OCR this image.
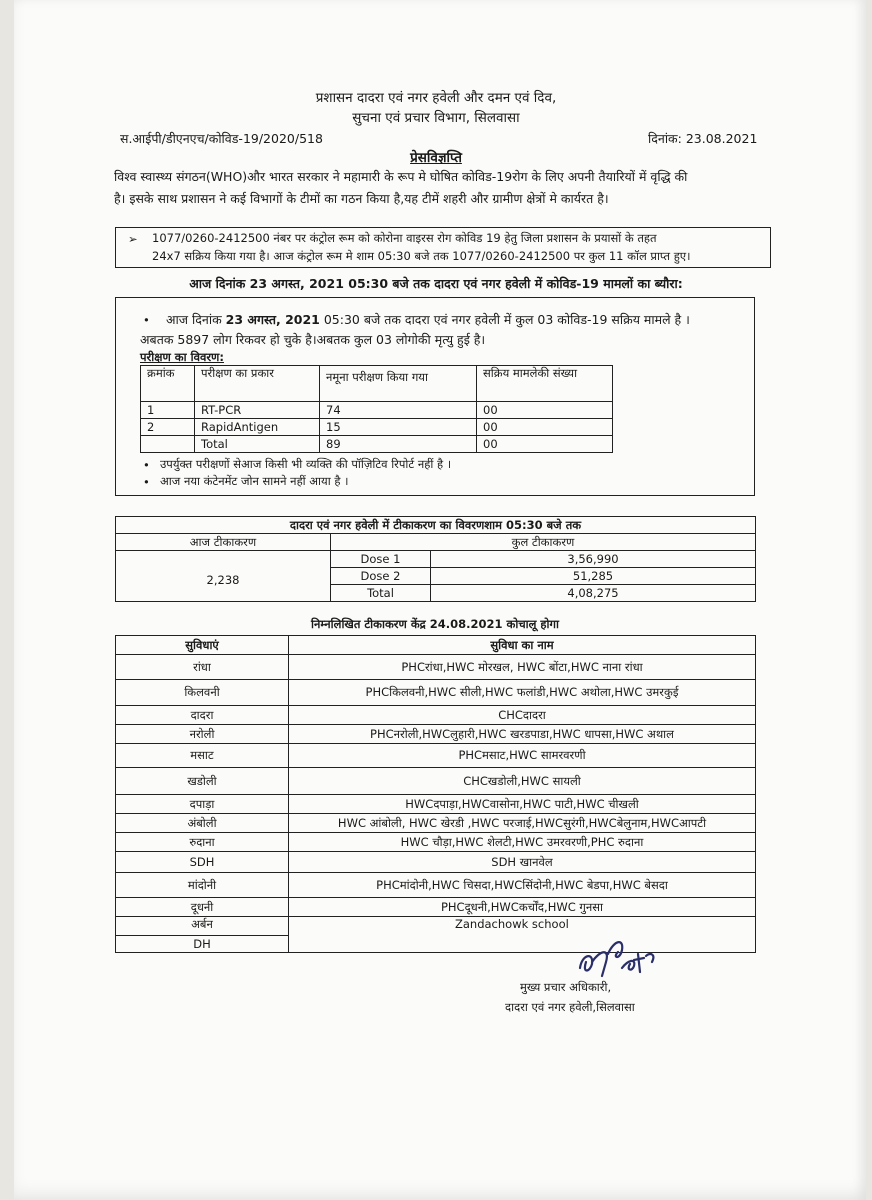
प्रशासन दादरा एवं नगर हवेली और दमन एवं दिव,
सुचना एवं प्रचार विभाग, सिलवासा
स.आईपी/डीएनएच/कोविड-19/2020/518	दिनांक: 23.08.2021
प्रेसविज्ञप्ति
विश्व स्वास्थ्य संगठन(WHO)और भारत सरकार ने महामारी के रूप मे घोषित कोविड-19रोग के लिए अपनी तैयारियों में वृद्धि की
है। इसके साथ प्रशासन ने कई विभागों के टीमों का गठन किया है,यह टीमें शहरी और ग्रामीण क्षेत्रों मे कार्यरत है।
➢ 1077/0260-2412500 नंबर पर कंट्रोल रूम को कोरोना वाइरस रोग कोविड 19 हेतु जिला प्रशासन के प्रयासों के तहत
24x7 सक्रिय किया गया है। आज कंट्रोल रूम मे शाम 05:30 बजे तक 1077/0260-2412500 पर कुल 11 कॉल प्राप्त हुए।
आज दिनांक 23 अगस्त, 2021 05:30 बजे तक दादरा एवं नगर हवेली में कोविड-19 मामलों का ब्यौरा:
• आज दिनांक 23 अगस्त, 2021 05:30 बजे तक दादरा एवं नगर हवेली में कुल 03 कोविड-19 सक्रिय मामले है ।
अबतक 5897 लोग रिकवर हो चुके है।अबतक कुल 03 लोगोकी मृत्यु हुई है।
परीक्षण का विवरण:
क्रमांक	परीक्षण का प्रकार	नमूना परीक्षण किया गया	सक्रिय मामलेकी संख्या
1	RT-PCR	74	00
2	RapidAntigen	15	00
	Total	89	00
• उपर्युक्त परीक्षणों सेआज किसी भी व्यक्ति की पॉज़िटिव रिपोर्ट नहीं है ।
• आज नया कंटेनमेंट जोन सामने नहीं आया है ।
दादरा एवं नगर हवेली में टीकाकरण का विवरणशाम 05:30 बजे तक		
आज टीकाकरण	कुल टीकाकरण	
2,238	Dose 1	3,56,990
	Dose 2	51,285
	Total	4,08,275
निम्नलिखित टीकाकरण केंद्र 24.08.2021 कोचालू होगा
सुविधाएं	सुविधा का नाम
रांधा	PHCरांधा,HWC मोरखल, HWC बोंटा,HWC नाना रांधा
किलवनी	PHCकिलवनी,HWC सीली,HWC फलांडी,HWC अथोला,HWC उमरकुई
दादरा	CHCदादरा
नरोली	PHCनरोली,HWCलुहारी,HWC खरडपाडा,HWC धापसा,HWC अथाल
मसाट	PHCमसाट,HWC सामरवरणी
खडोली	CHCखडोली,HWC सायली
दपाड़ा	HWCदपाड़ा,HWCवासोना,HWC पाटी,HWC चीखली
अंबोली	HWC आंबोली, HWC खेरडी ,HWC परजाई,HWCसुरंगी,HWCबेलुनाम,HWCआपटी
रुदाना	HWC चौड़ा,HWC शेलटी,HWC उमरवरणी,PHC रुदाना
SDH	SDH खानवेल
मांदोनी	PHCमांदोनी,HWC चिसदा,HWCसिंदोनी,HWC बेडपा,HWC बेसदा
दूधनी	PHCदूधनी,HWCकर्चोंद,HWC गुनसा
अर्बन	Zandachowk school
DH	
मुख्य प्रचार अधिकारी,
दादरा एवं नगर हवेली,सिलवासा
